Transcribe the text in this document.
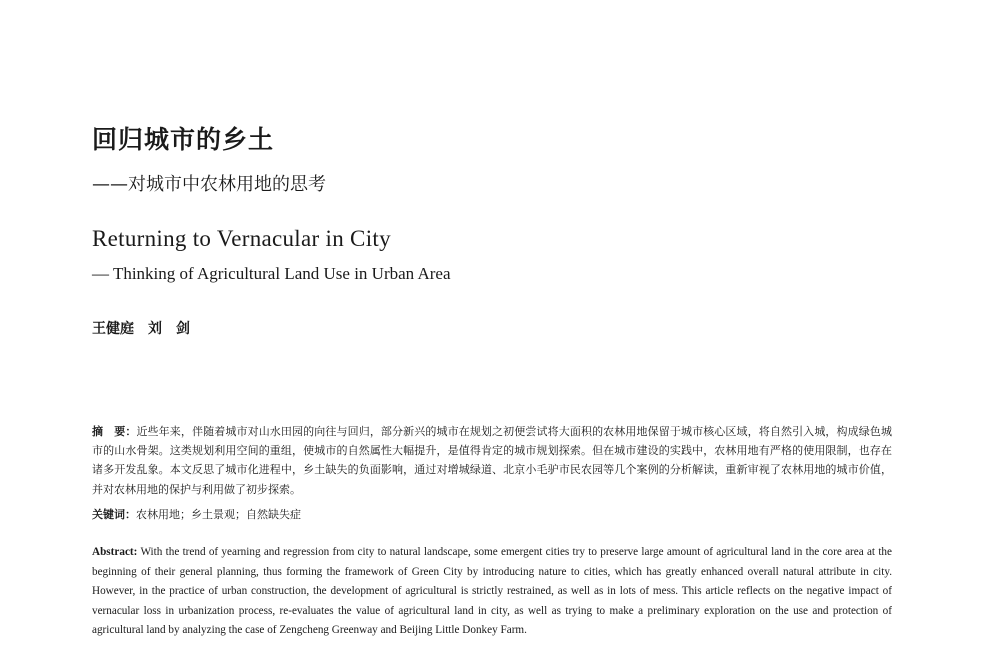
回归城市的乡土
——对城市中农林用地的思考
Returning to Vernacular in City
— Thinking of Agricultural Land Use in Urban Area
王健庭　刘　剑
摘　要：近些年来，伴随着城市对山水田园的向往与回归，部分新兴的城市在规划之初便尝试将大面积的农林用地保留于城市核心区域，将自然引入城，构成绿色城市的山水骨架。这类规划利用空间的重组，使城市的自然属性大幅提升，是值得肯定的城市规划探索。但在城市建设的实践中，农林用地有严格的使用限制，也存在诸多开发乱象。本文反思了城市化进程中，乡土缺失的负面影响，通过对增城绿道、北京小毛驴市民农园等几个案例的分析解读，重新审视了农林用地的城市价值，并对农林用地的保护与利用做了初步探索。
关键词：农林用地；乡土景观；自然缺失症
Abstract: With the trend of yearning and regression from city to natural landscape, some emergent cities try to preserve large amount of agricultural land in the core area at the beginning of their general planning, thus forming the framework of Green City by introducing nature to cities, which has greatly enhanced overall natural attribute in city. However, in the practice of urban construction, the development of agricultural is strictly restrained, as well as in lots of mess. This article reflects on the negative impact of vernacular loss in urbanization process, re-evaluates the value of agricultural land in city, as well as trying to make a preliminary exploration on the use and protection of agricultural land by analyzing the case of Zengcheng Greenway and Beijing Little Donkey Farm.
